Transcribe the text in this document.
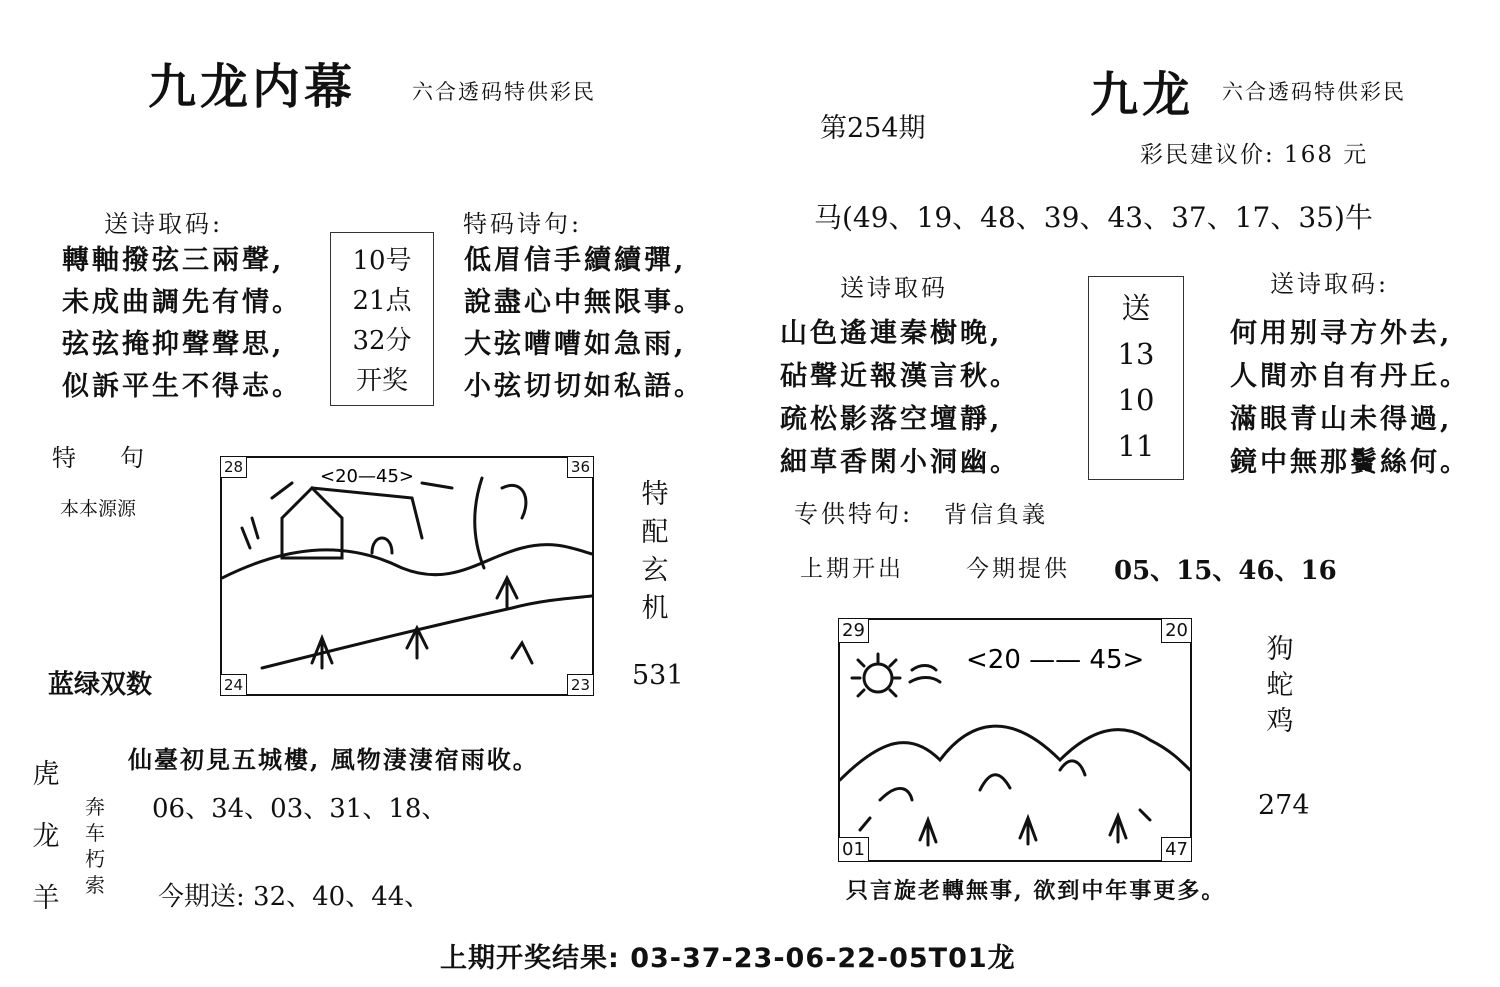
九龙内幕	六合透码特供彩民
送诗取码:
轉軸撥弦三兩聲,
未成曲調先有情。
弦弦掩抑聲聲思,
似訴平生不得志。
10号
21点
32分
开奖
特码诗句:
低眉信手續續彈,
說盡心中無限事。
大弦嘈嘈如急雨,
小弦切切如私語。
特　句
本本源源
蓝绿双数
<20—45>
28	36
24	23
特
配
玄
机
531
仙臺初見五城樓, 風物淒淒宿雨收。
虎
龙
羊
奔
车
朽
索
06、34、03、31、18、
今期送: 32、40、44、
九龙 六合透码特供彩民
第254期
彩民建议价: 168 元
马(49、19、48、39、43、37、17、35)牛
送诗取码
山色遙連秦樹晚,
砧聲近報漢言秋。
疏松影落空壇靜,
細草香閑小洞幽。
送
13
10
11
送诗取码:
何用别寻方外去,
人間亦自有丹丘。
滿眼青山未得過,
鏡中無那鬢絲何。
专供特句: 背信負義
上期开出	今期提供 05、15、46、16
<20 —— 45>
29	20
01	47
狗
蛇
鸡
274
只言旋老轉無事, 欲到中年事更多。
上期开奖结果: 03-37-23-06-22-05T01龙
